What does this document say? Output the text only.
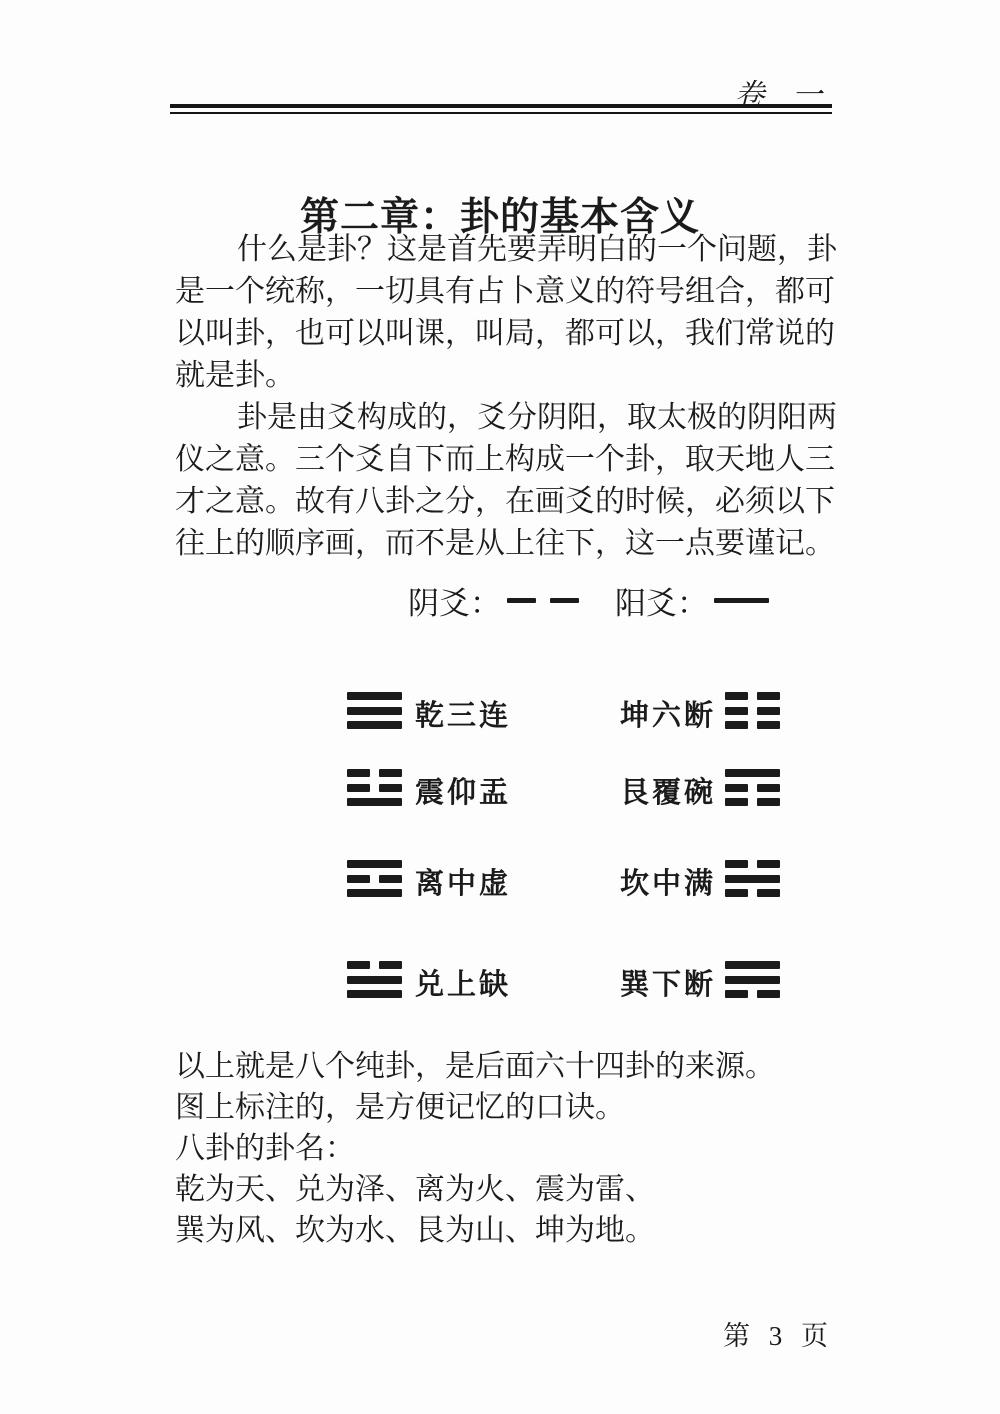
卷 一
第二章：卦的基本含义
什么是卦？这是首先要弄明白的一个问题，卦
是一个统称，一切具有占卜意义的符号组合，都可
以叫卦，也可以叫课，叫局，都可以，我们常说的
就是卦。
卦是由爻构成的，爻分阴阳，取太极的阴阳两
仪之意。三个爻自下而上构成一个卦，取天地人三
才之意。故有八卦之分，在画爻的时候，必须以下
往上的顺序画，而不是从上往下，这一点要谨记。
阴爻：	阳爻：
乾三连	坤六断
震仰盂	艮覆碗
离中虚	坎中满
兑上缺	巽下断
以上就是八个纯卦，是后面六十四卦的来源。
图上标注的，是方便记忆的口诀。
八卦的卦名：
乾为天、兑为泽、离为火、震为雷、
巽为风、坎为水、艮为山、坤为地。
第 3 页
